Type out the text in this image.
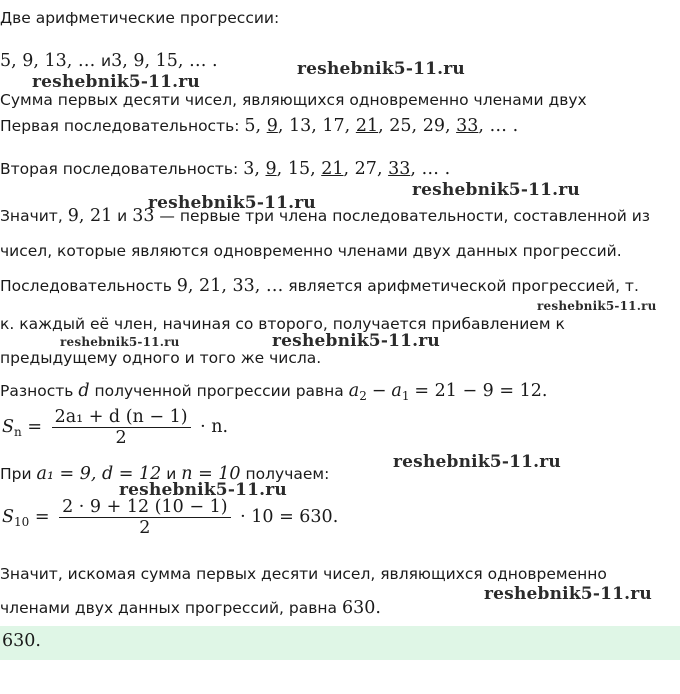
Две арифметические прогрессии:
5, 9, 13, … и3, 9, 15, … .
Сумма первых десяти чисел, являющихся одновременно членами двух
Первая последовательность: 5, 9, 13, 17, 21, 25, 29, 33, … .
Вторая последовательность: 3, 9, 15, 21, 27, 33, … .
Значит, 9, 21 и 33 — первые три члена последовательности, составленной из
чисел, которые являются одновременно членами двух данных прогрессий.
Последовательность 9, 21, 33, … является арифметической прогрессией, т.
к. каждый её член, начиная со второго, получается прибавлением к
предыдущему одного и того же числа.
Разность d полученной прогрессии равна $a_2 - a_1 = 21 - 9 = 12$.
$S_n = \frac{\text{2a₁ + d (n − 1)}}{2} \cdot n$.
При a₁ = 9, d = 12 и n = 10 получаем:
$S_{10} = \frac{2 \cdot 9 + 12 (10 - 1)}{2} \cdot 10 = 630$.
Значит, искомая сумма первых десяти чисел, являющихся одновременно
членами двух данных прогрессий, равна 630.
630.
reshebnik5-11.ru
reshebnik5-11.ru
reshebnik5-11.ru
reshebnik5-11.ru
reshebnik5-11.ru
reshebnik5-11.ru	reshebnik5-11.ru
reshebnik5-11.ru
reshebnik5-11.ru
reshebnik5-11.ru
